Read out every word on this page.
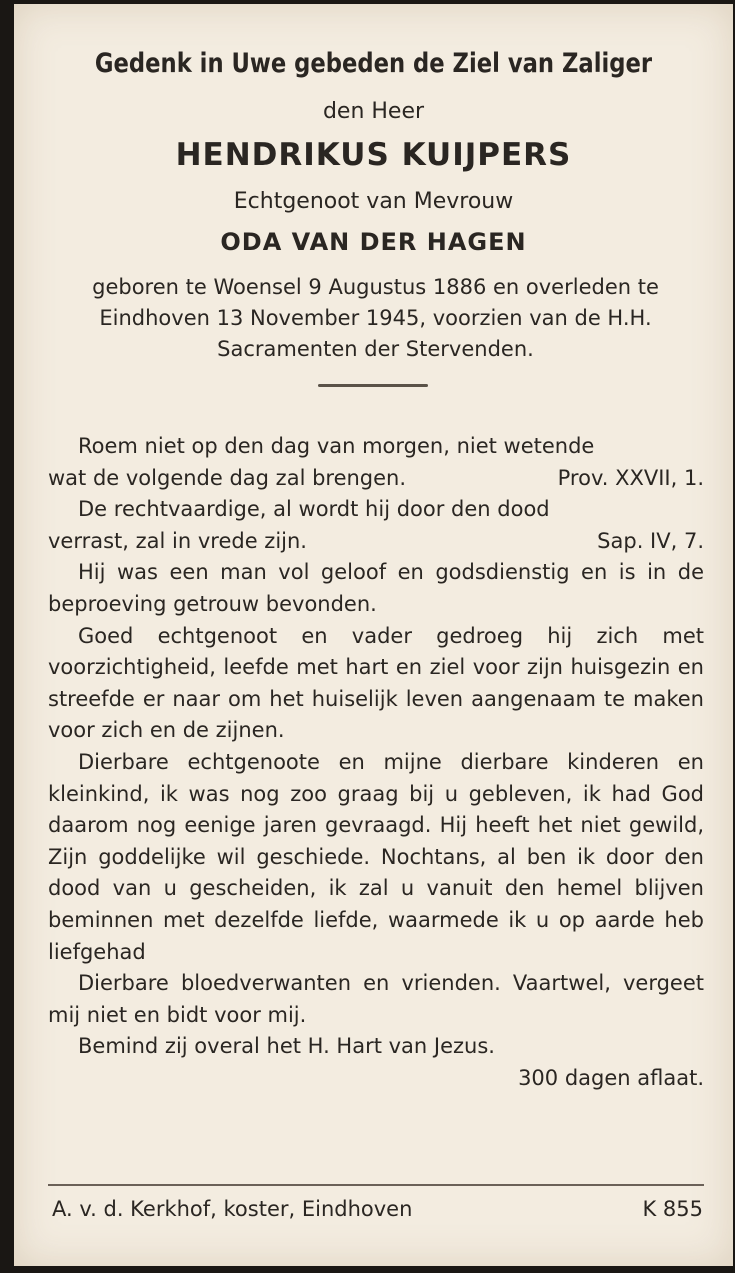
Gedenk in Uwe gebeden de Ziel van Zaliger
den Heer
HENDRIKUS KUIJPERS
Echtgenoot van Mevrouw
ODA VAN DER HAGEN
geboren te Woensel 9 Augustus 1886 en overleden te Eindhoven 13 November 1945, voorzien van de H.H. Sacramenten der Stervenden.
Roem niet op den dag van morgen, niet wetende
wat de volgende dag zal brengen.	Prov. XXVII, 1.
De rechtvaardige, al wordt hij door den dood
verrast, zal in vrede zijn.	Sap. IV, 7.

Hij was een man vol geloof en godsdienstig en is in de beproeving getrouw bevonden.

Goed echtgenoot en vader gedroeg hij zich met voorzichtigheid, leefde met hart en ziel voor zijn huisgezin en streefde er naar om het huiselijk leven aangenaam te maken voor zich en de zijnen.

Dierbare echtgenoote en mijne dierbare kinderen en kleinkind, ik was nog zoo graag bij u gebleven, ik had God daarom nog eenige jaren gevraagd. Hij heeft het niet gewild, Zijn goddelijke wil geschiede. Nochtans, al ben ik door den dood van u gescheiden, ik zal u vanuit den hemel blijven beminnen met dezelfde liefde, waarmede ik u op aarde heb liefgehad

Dierbare bloedverwanten en vrienden. Vaartwel, vergeet mij niet en bidt voor mij.

Bemind zij overal het H. Hart van Jezus.
300 dagen aflaat.
A. v. d. Kerkhof, koster, Eindhoven	K 855
